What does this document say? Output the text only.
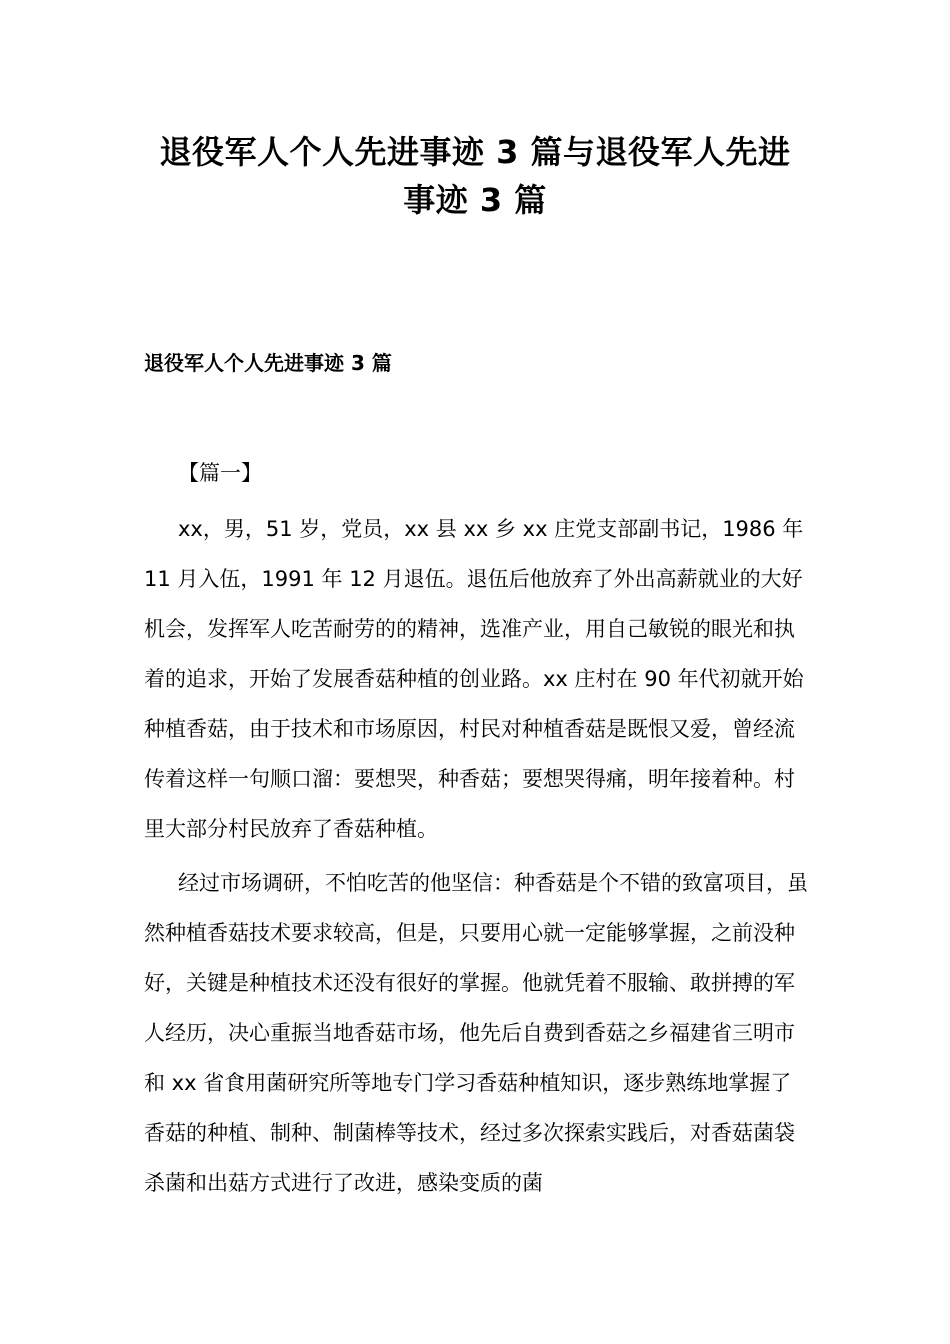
退役军人个人先进事迹 3 篇与退役军人先进
事迹 3 篇
退役军人个人先进事迹 3 篇
【篇一】

xx，男，51 岁，党员，xx 县 xx 乡 xx 庄党支部副书记，1986 年 11 月入伍，1991 年 12 月退伍。退伍后他放弃了外出高薪就业的大好机会，发挥军人吃苦耐劳的的精神，选准产业，用自己敏锐的眼光和执着的追求，开始了发展香菇种植的创业路。xx 庄村在 90 年代初就开始种植香菇，由于技术和市场原因，村民对种植香菇是既恨又爱，曾经流传着这样一句顺口溜：要想哭，种香菇；要想哭得痛，明年接着种。村里大部分村民放弃了香菇种植。

经过市场调研，不怕吃苦的他坚信：种香菇是个不错的致富项目，虽然种植香菇技术要求较高，但是，只要用心就一定能够掌握，之前没种好，关键是种植技术还没有很好的掌握。他就凭着不服输、敢拼搏的军人经历，决心重振当地香菇市场，他先后自费到香菇之乡福建省三明市和 xx 省食用菌研究所等地专门学习香菇种植知识，逐步熟练地掌握了香菇的种植、制种、制菌棒等技术，经过多次探索实践后，对香菇菌袋杀菌和出菇方式进行了改进，感染变质的菌
